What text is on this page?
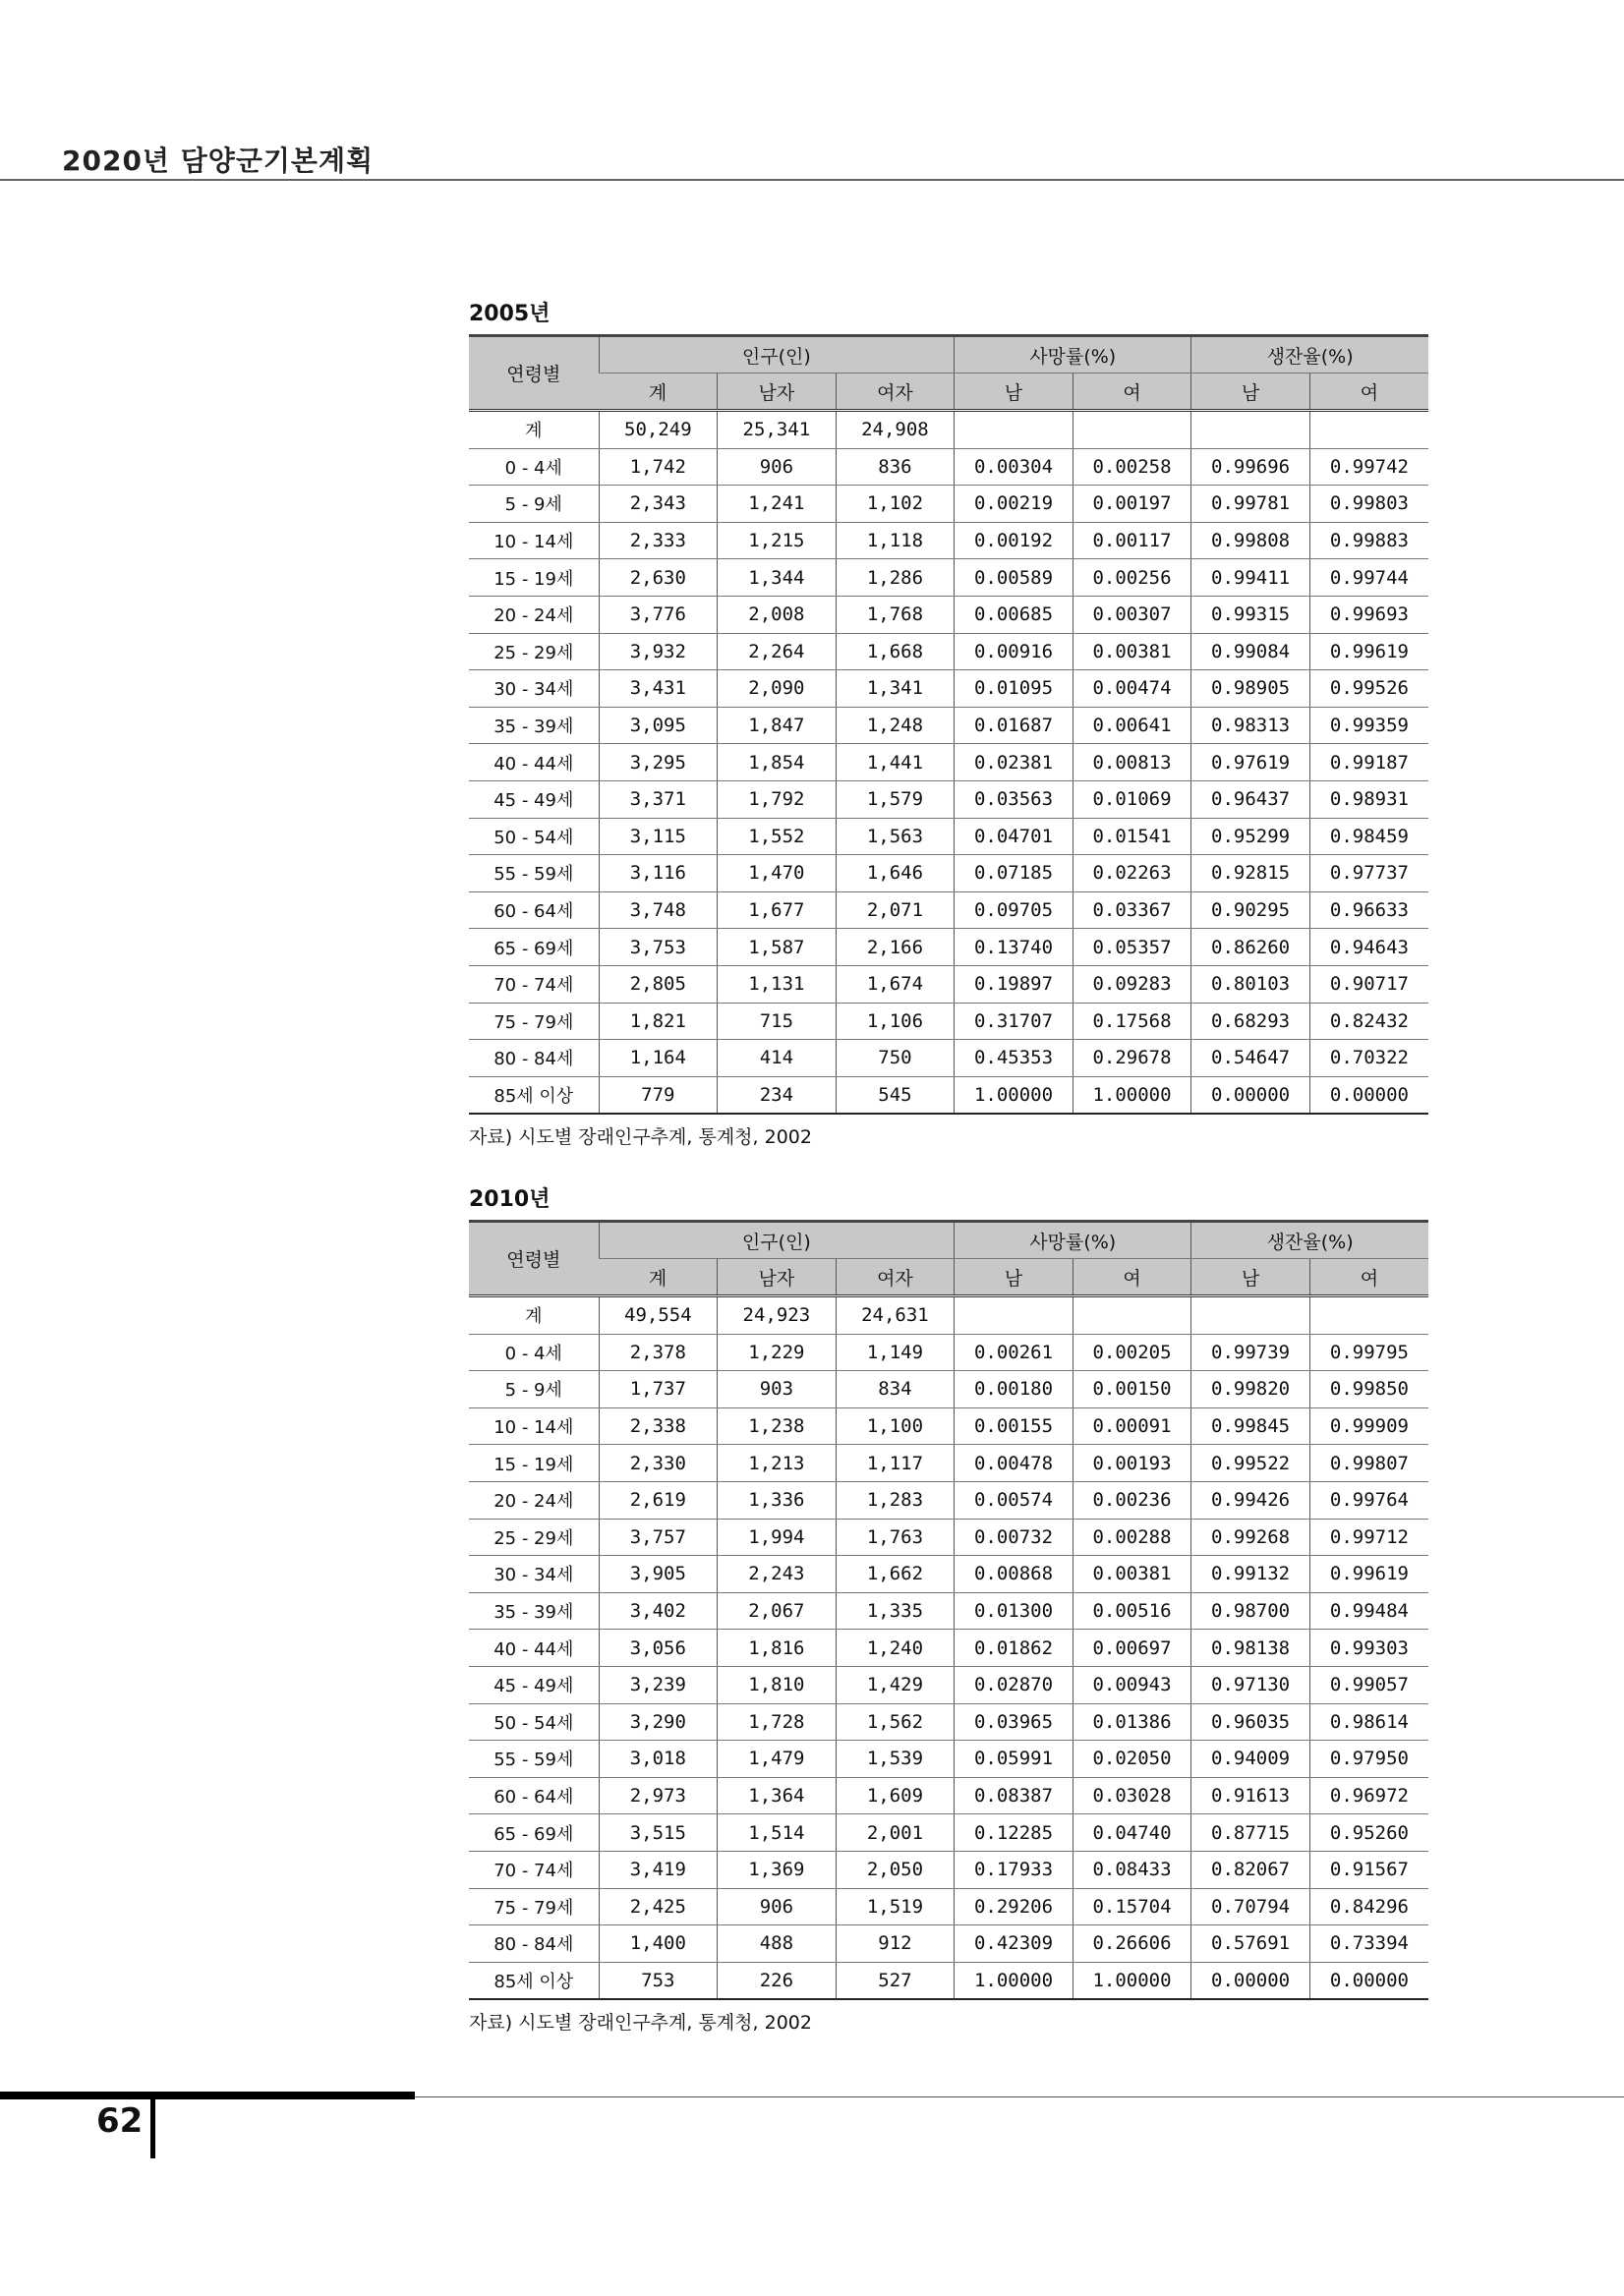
2020년 담양군기본계획
2005년
연령별	인구(인)			사망률(%)		생잔율(%)	
	계	남자	여자	남	여	남	여
계	50,249	25,341	24,908				
0 - 4세	1,742	906	836	0.00304	0.00258	0.99696	0.99742
5 - 9세	2,343	1,241	1,102	0.00219	0.00197	0.99781	0.99803
10 - 14세	2,333	1,215	1,118	0.00192	0.00117	0.99808	0.99883
15 - 19세	2,630	1,344	1,286	0.00589	0.00256	0.99411	0.99744
20 - 24세	3,776	2,008	1,768	0.00685	0.00307	0.99315	0.99693
25 - 29세	3,932	2,264	1,668	0.00916	0.00381	0.99084	0.99619
30 - 34세	3,431	2,090	1,341	0.01095	0.00474	0.98905	0.99526
35 - 39세	3,095	1,847	1,248	0.01687	0.00641	0.98313	0.99359
40 - 44세	3,295	1,854	1,441	0.02381	0.00813	0.97619	0.99187
45 - 49세	3,371	1,792	1,579	0.03563	0.01069	0.96437	0.98931
50 - 54세	3,115	1,552	1,563	0.04701	0.01541	0.95299	0.98459
55 - 59세	3,116	1,470	1,646	0.07185	0.02263	0.92815	0.97737
60 - 64세	3,748	1,677	2,071	0.09705	0.03367	0.90295	0.96633
65 - 69세	3,753	1,587	2,166	0.13740	0.05357	0.86260	0.94643
70 - 74세	2,805	1,131	1,674	0.19897	0.09283	0.80103	0.90717
75 - 79세	1,821	715	1,106	0.31707	0.17568	0.68293	0.82432
80 - 84세	1,164	414	750	0.45353	0.29678	0.54647	0.70322
85세 이상	779	234	545	1.00000	1.00000	0.00000	0.00000
자료) 시도별 장래인구추계, 통계청, 2002
2010년
연령별	인구(인)			사망률(%)		생잔율(%)	
	계	남자	여자	남	여	남	여
계	49,554	24,923	24,631				
0 - 4세	2,378	1,229	1,149	0.00261	0.00205	0.99739	0.99795
5 - 9세	1,737	903	834	0.00180	0.00150	0.99820	0.99850
10 - 14세	2,338	1,238	1,100	0.00155	0.00091	0.99845	0.99909
15 - 19세	2,330	1,213	1,117	0.00478	0.00193	0.99522	0.99807
20 - 24세	2,619	1,336	1,283	0.00574	0.00236	0.99426	0.99764
25 - 29세	3,757	1,994	1,763	0.00732	0.00288	0.99268	0.99712
30 - 34세	3,905	2,243	1,662	0.00868	0.00381	0.99132	0.99619
35 - 39세	3,402	2,067	1,335	0.01300	0.00516	0.98700	0.99484
40 - 44세	3,056	1,816	1,240	0.01862	0.00697	0.98138	0.99303
45 - 49세	3,239	1,810	1,429	0.02870	0.00943	0.97130	0.99057
50 - 54세	3,290	1,728	1,562	0.03965	0.01386	0.96035	0.98614
55 - 59세	3,018	1,479	1,539	0.05991	0.02050	0.94009	0.97950
60 - 64세	2,973	1,364	1,609	0.08387	0.03028	0.91613	0.96972
65 - 69세	3,515	1,514	2,001	0.12285	0.04740	0.87715	0.95260
70 - 74세	3,419	1,369	2,050	0.17933	0.08433	0.82067	0.91567
75 - 79세	2,425	906	1,519	0.29206	0.15704	0.70794	0.84296
80 - 84세	1,400	488	912	0.42309	0.26606	0.57691	0.73394
85세 이상	753	226	527	1.00000	1.00000	0.00000	0.00000
자료) 시도별 장래인구추계, 통계청, 2002
62
